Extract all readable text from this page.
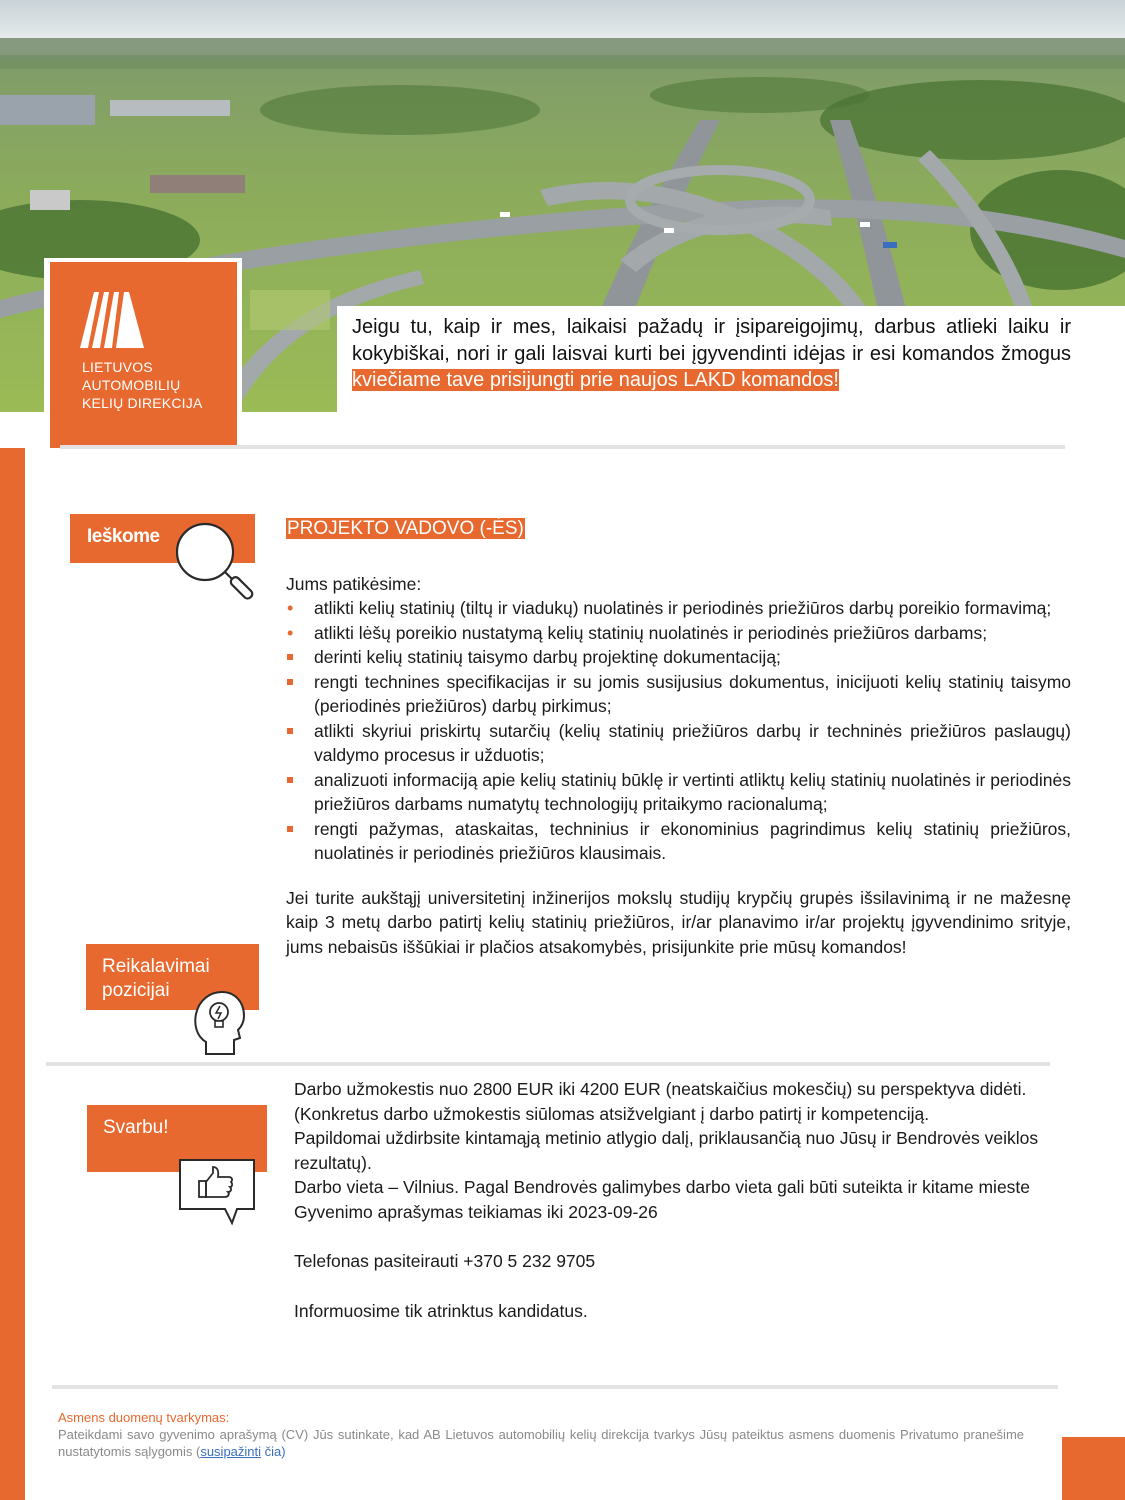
LIETUVOS
AUTOMOBILIŲ
KELIŲ DIREKCIJA
Jeigu tu, kaip ir mes, laikaisi pažadų ir įsipareigojimų, darbus atlieki laiku ir kokybiškai, nori ir gali laisvai kurti bei įgyvendinti idėjas ir esi komandos žmogus kviečiame tave prisijungti prie naujos LAKD komandos!
Ieškome	PROJEKTO VADOVO (-ĖS)
Jums patikėsime:
• atlikti kelių statinių (tiltų ir viadukų) nuolatinės ir periodinės priežiūros darbų poreikio formavimą;
• atlikti lėšų poreikio nustatymą kelių statinių nuolatinės ir periodinės priežiūros darbams;
derinti kelių statinių taisymo darbų projektinę dokumentaciją;
rengti technines specifikacijas ir su jomis susijusius dokumentus, inicijuoti kelių statinių taisymo (periodinės priežiūros) darbų pirkimus;
atlikti skyriui priskirtų sutarčių (kelių statinių priežiūros darbų ir techninės priežiūros paslaugų) valdymo procesus ir užduotis;
analizuoti informaciją apie kelių statinių būklę ir vertinti atliktų kelių statinių nuolatinės ir periodinės priežiūros darbams numatytų technologijų pritaikymo racionalumą;
rengti pažymas, ataskaitas, techninius ir ekonominius pagrindimus kelių statinių priežiūros, nuolatinės ir periodinės priežiūros klausimais.
Jei turite aukštąjį universitetinį inžinerijos mokslų studijų krypčių grupės išsilavinimą ir ne mažesnę kaip 3 metų darbo patirtį kelių statinių priežiūros, ir/ar planavimo ir/ar projektų įgyvendinimo srityje, jums nebaisūs iššūkiai ir plačios atsakomybės, prisijunkite prie mūsų komandos!
Reikalavimai pozicijai
Svarbu!

Darbo užmokestis nuo 2800 EUR iki 4200 EUR (neatskaičius mokesčių) su perspektyva didėti.

(Konkretus darbo užmokestis siūlomas atsižvelgiant į darbo patirtį ir kompetenciją.

Papildomai uždirbsite kintamąją metinio atlygio dalį, priklausančią nuo Jūsų ir Bendrovės veiklos rezultatų).

Darbo vieta – Vilnius. Pagal Bendrovės galimybes darbo vieta gali būti suteikta ir kitame mieste

Gyvenimo aprašymas teikiamas iki 2023-09-26

Telefonas pasiteirauti +370 5 232 9705

Informuosime tik atrinktus kandidatus.

Asmens duomenų tvarkymas:
Pateikdami savo gyvenimo aprašymą (CV) Jūs sutinkate, kad AB Lietuvos automobilių kelių direkcija tvarkys Jūsų pateiktus asmens duomenis Privatumo pranešime nustatytomis sąlygomis (susipažinti čia)
